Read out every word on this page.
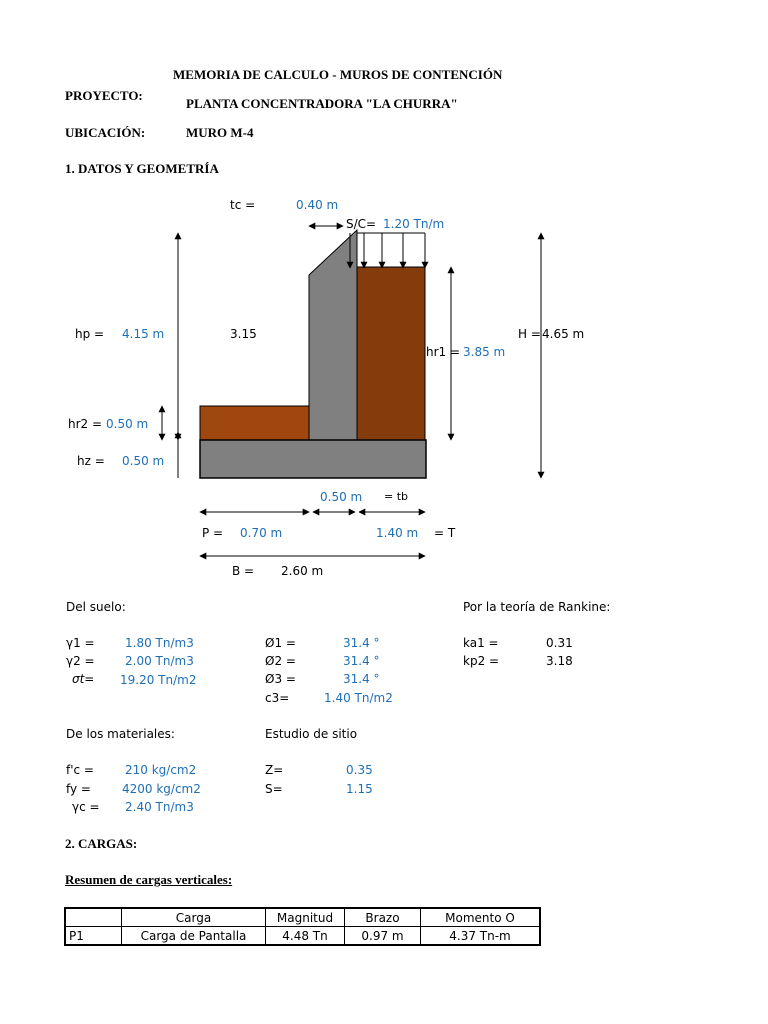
MEMORIA DE CALCULO - MUROS DE CONTENCIÓN
PROYECTO:
PLANTA CONCENTRADORA "LA CHURRA"
UBICACIÓN:	MURO M-4
1. DATOS Y GEOMETRÍA
tc =	0.40 m
S/C= 1.20 Tn/m
hp = 4.15 m	3.15
hr1 = 3.85 m
H = 4.65 m
hr2 = 0.50 m
hz = 0.50 m
0.50 m = tb
P = 0.70 m	1.40 m = T
B = 2.60 m
Del suelo:	Por la teoría de Rankine:
γ1 =	1.80 Tn/m3
γ2 =	2.00 Tn/m3
σt= 19.20 Tn/m2
Ø1 =	31.4 °
Ø2 =	31.4 °
Ø3 =	31.4 °
c3=	1.40 Tn/m2
ka1 =	0.31
kp2 =	3.18
De los materiales:	Estudio de sitio
f'c =	210 kg/cm2
fy =	4200 kg/cm2
γc = 2.40 Tn/m3
Z=	0.35
S=	1.15
2. CARGAS:
Resumen de cargas verticales:
	Carga	Magnitud	Brazo	Momento O
P1	Carga de Pantalla	4.48 Tn	0.97 m	4.37 Tn-m
